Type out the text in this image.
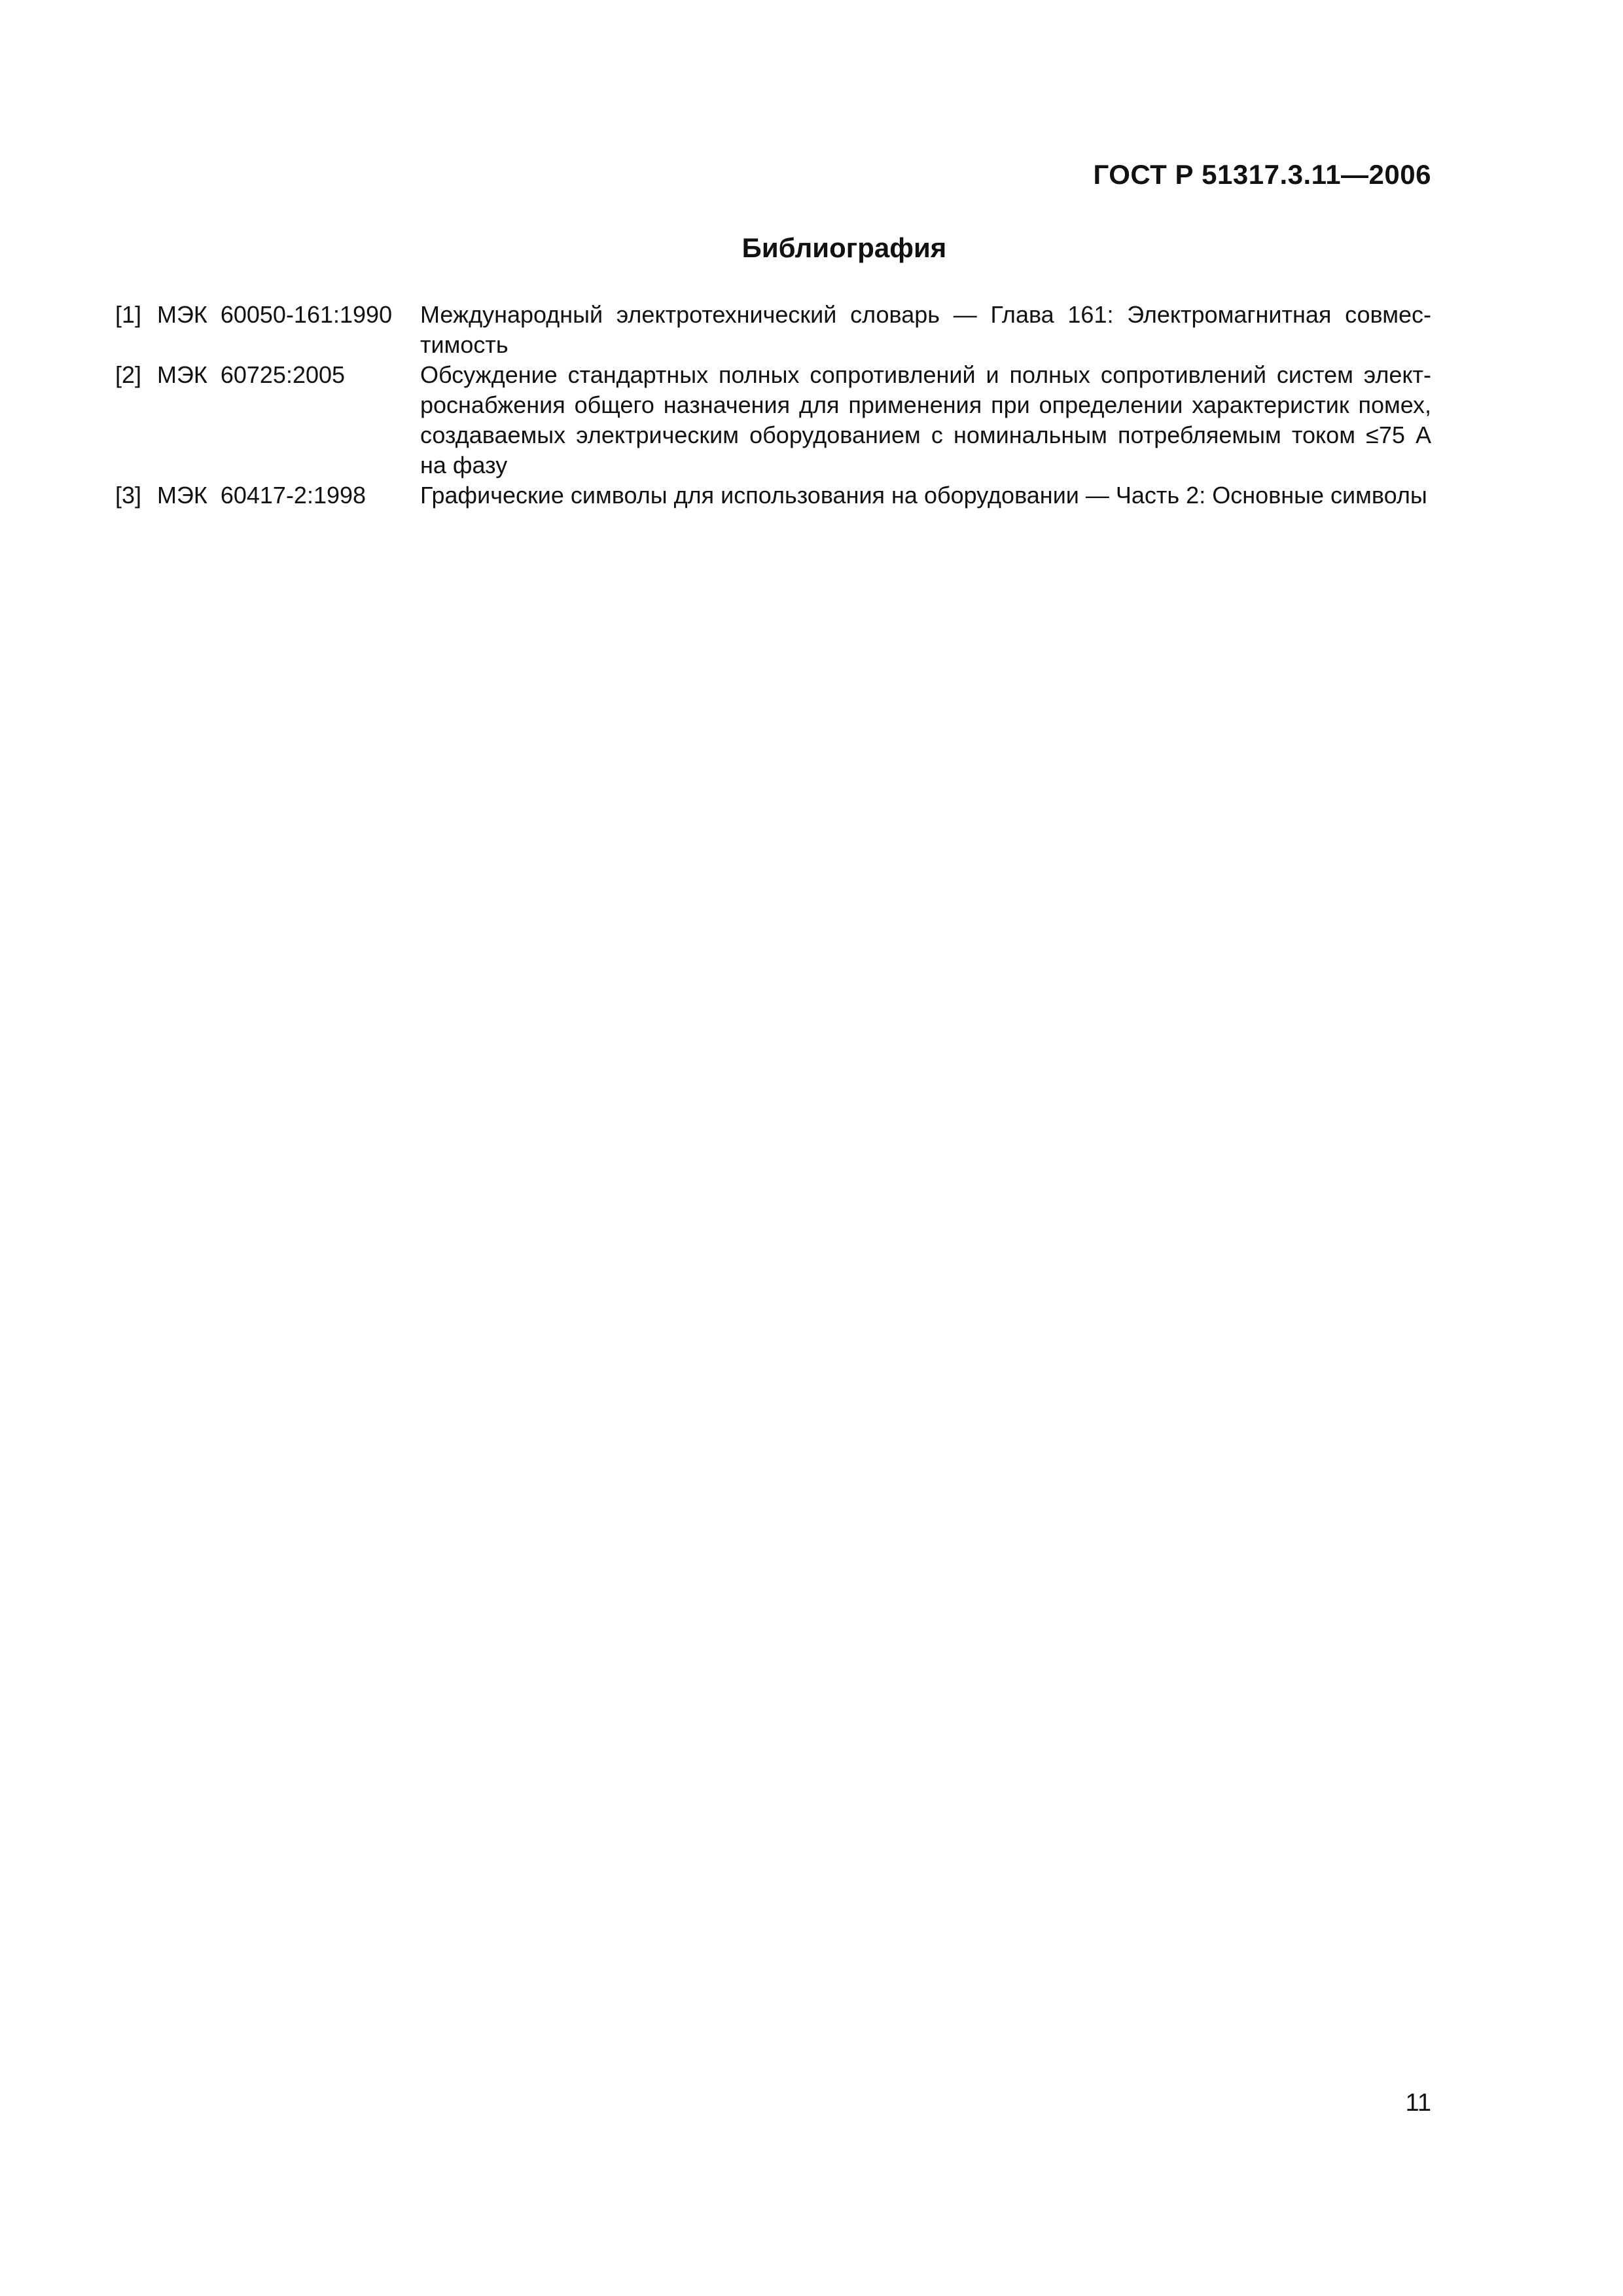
ГОСТ Р 51317.3.11—2006
Библиография
[1] МЭК 60050-161:1990	Международный электротехнический словарь — Глава 161: Электромагнитная совместимость
[2] МЭК 60725:2005	Обсуждение стандартных полных сопротивлений и полных сопротивлений систем электроснабжения общего назначения для применения при определении характеристик помех, создаваемых электрическим оборудованием с номинальным потребляемым током ≤75 А на фазу
[3] МЭК 60417-2:1998	Графические символы для использования на оборудовании — Часть 2: Основные символы
11
